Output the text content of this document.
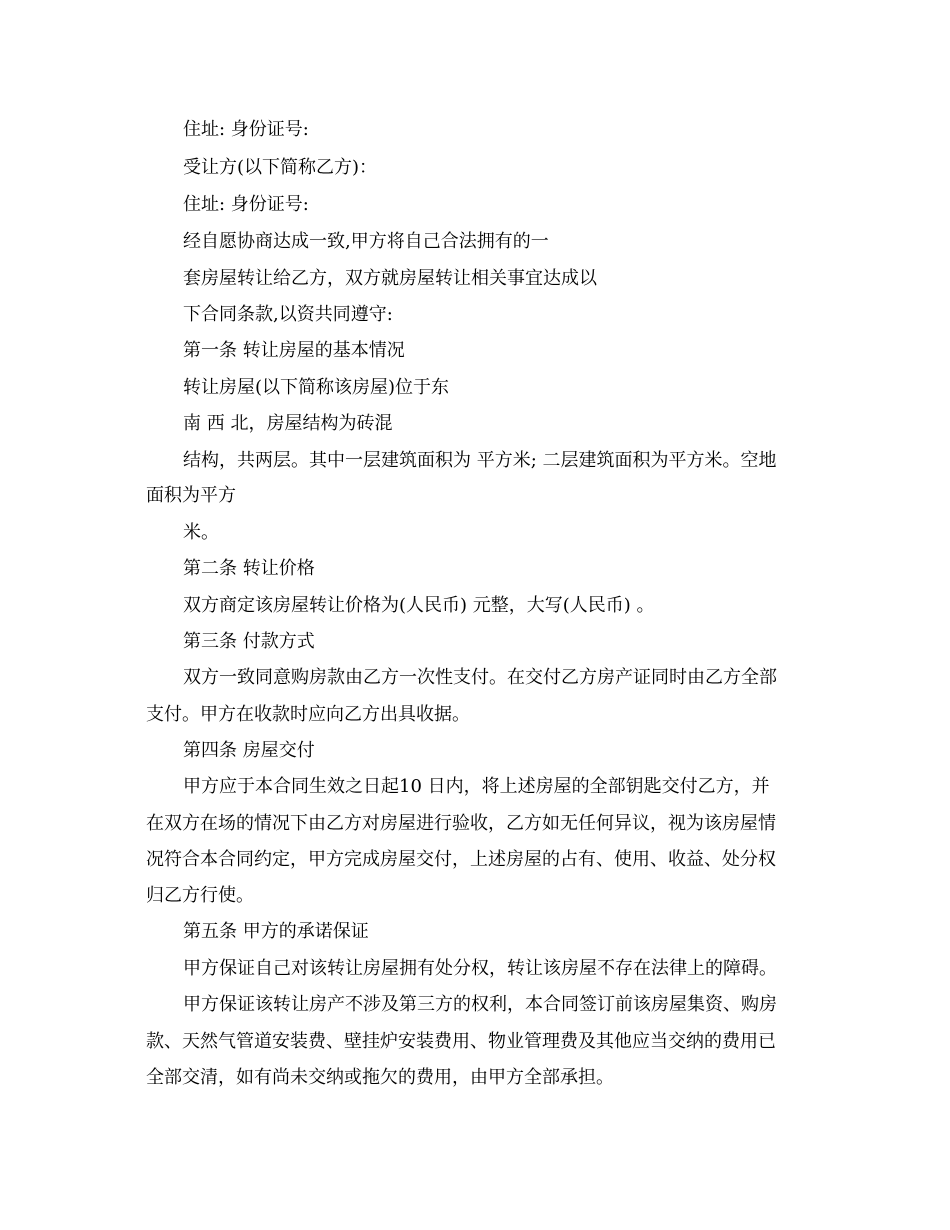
住址: 身份证号:
受让方(以下简称乙方)：
住址: 身份证号:
经自愿协商达成一致,甲方将自己合法拥有的一
套房屋转让给乙方，双方就房屋转让相关事宜达成以
下合同条款,以资共同遵守:
第一条 转让房屋的基本情况
转让房屋(以下简称该房屋)位于东
南 西 北，房屋结构为砖混
结构，共两层。其中一层建筑面积为 平方米; 二层建筑面积为平方米。空地
面积为平方
米。
第二条 转让价格
双方商定该房屋转让价格为(人民币) 元整，大写(人民币) 。
第三条 付款方式
双方一致同意购房款由乙方一次性支付。在交付乙方房产证同时由乙方全部
支付。甲方在收款时应向乙方出具收据。
第四条 房屋交付
甲方应于本合同生效之日起10 日内，将上述房屋的全部钥匙交付乙方，并
在双方在场的情况下由乙方对房屋进行验收，乙方如无任何异议，视为该房屋情
况符合本合同约定，甲方完成房屋交付，上述房屋的占有、使用、收益、处分权
归乙方行使。
第五条 甲方的承诺保证
甲方保证自己对该转让房屋拥有处分权，转让该房屋不存在法律上的障碍。
甲方保证该转让房产不涉及第三方的权利，本合同签订前该房屋集资、购房
款、天然气管道安装费、壁挂炉安装费用、物业管理费及其他应当交纳的费用已
全部交清，如有尚未交纳或拖欠的费用，由甲方全部承担。
